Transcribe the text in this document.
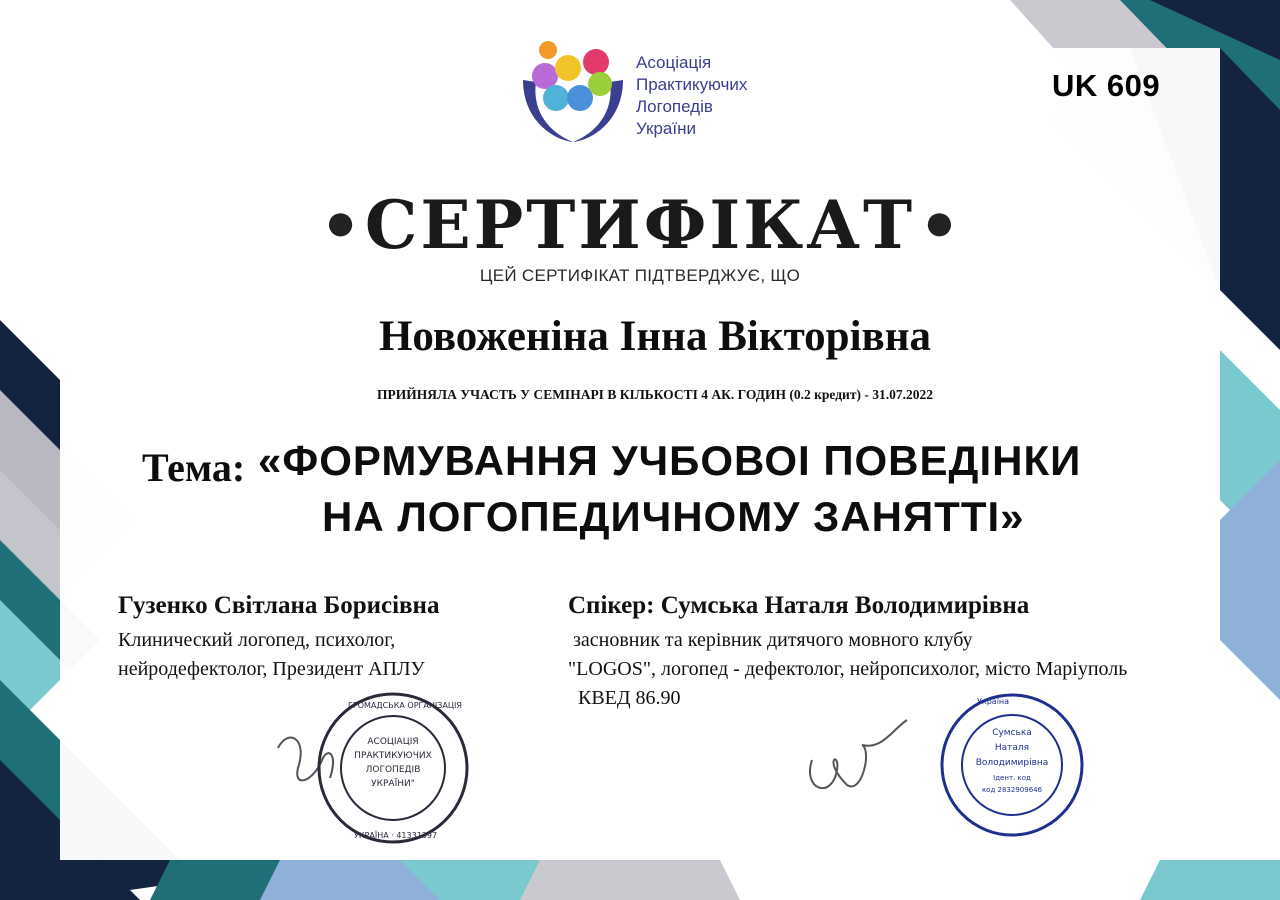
Асоціація
Практикуючих
Логопедів
України
UK 609
● СЕРТИФІКАТ ●
ЦЕЙ СЕРТИФІКАТ ПІДТВЕРДЖУЄ, ЩО
Новоженіна Інна Вікторівна
ПРИЙНЯЛА УЧАСТЬ У СЕМІНАРІ В КІЛЬКОСТІ 4 АК. ГОДИН (0.2 кредит) - 31.07.2022
Тема: «ФОРМУВАННЯ УЧБОВОІ ПОВЕДІНКИ
НА ЛОГОПЕДИЧНОМУ ЗАНЯТТІ»
Гузенко Світлана Борисівна
Клинический логопед, психолог,
нейродефектолог, Президент АПЛУ
Спікер: Сумська Наталя Володимирівна
засновник та керівник дитячого мовного клубу
"LOGOS", логопед - дефектолог, нейропсихолог, місто Маріуполь
КВЕД 86.90
АСОЦІАЦІЯ
ПРАКТИКУЮЧИХ
ЛОГОПЕДІВ
УКРАЇНИ"
ГРОМАДСЬКА ОРГАНІЗАЦІЯ
УКРАЇНА · 41331397
Сумська
Наталя
Володимирівна
Ідент. код
код 2832909646
Україна
